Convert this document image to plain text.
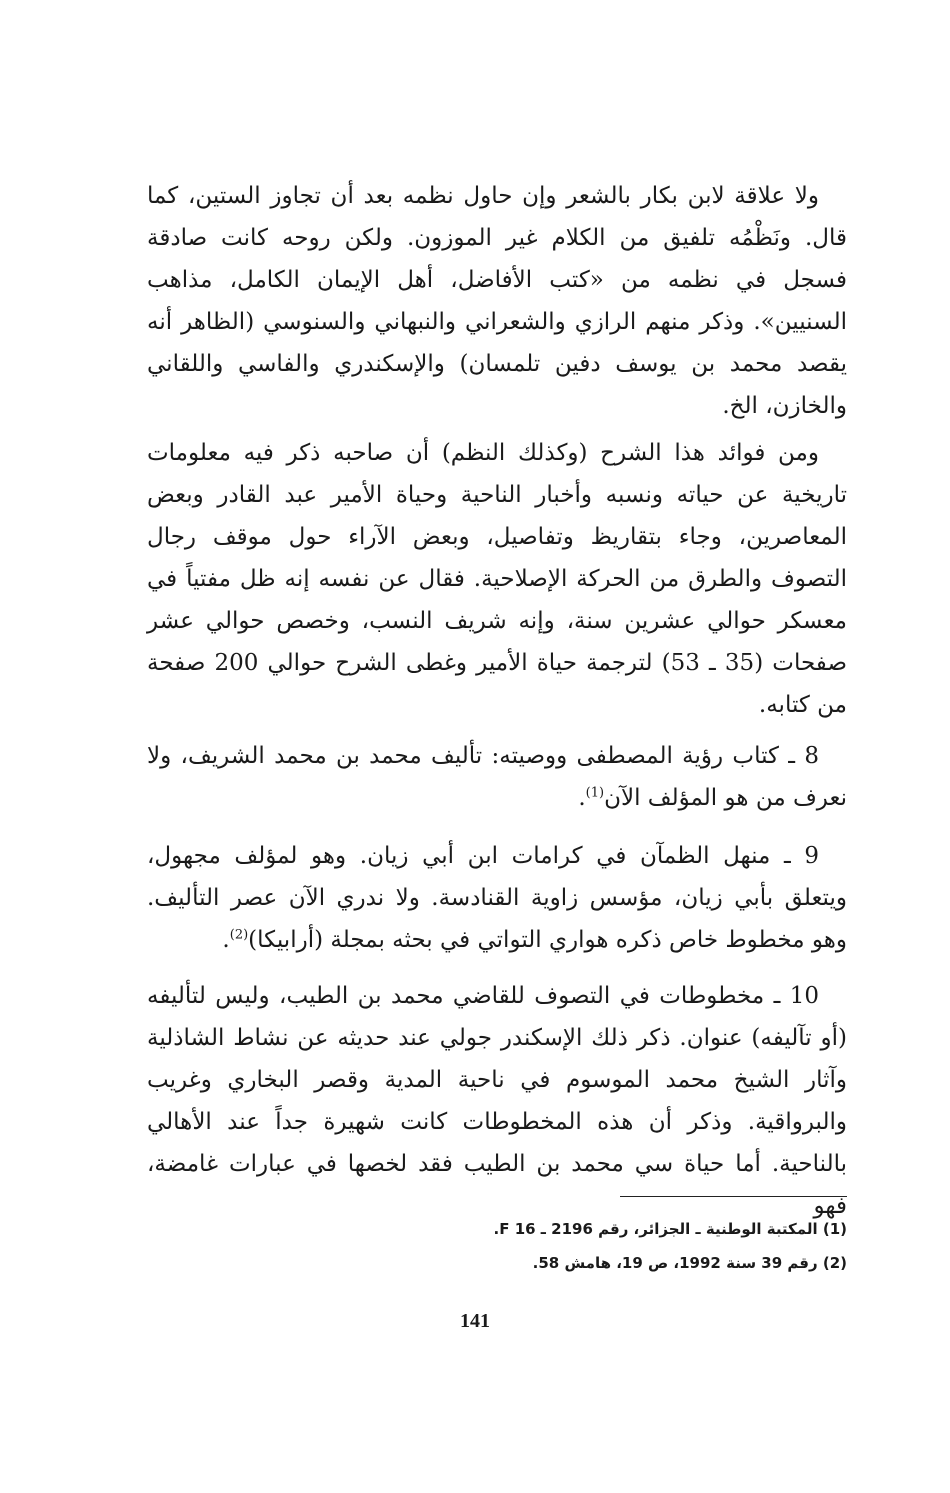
ولا علاقة لابن بكار بالشعر وإن حاول نظمه بعد أن تجاوز الستين، كما قال. ونَظْمُه تلفيق من الكلام غير الموزون. ولكن روحه كانت صادقة فسجل في نظمه من «كتب الأفاضل، أهل الإيمان الكامل، مذاهب السنيين». وذكر منهم الرازي والشعراني والنبهاني والسنوسي (الظاهر أنه يقصد محمد بن يوسف دفين تلمسان) والإسكندري والفاسي واللقاني والخازن، الخ.

ومن فوائد هذا الشرح (وكذلك النظم) أن صاحبه ذكر فيه معلومات تاريخية عن حياته ونسبه وأخبار الناحية وحياة الأمير عبد القادر وبعض المعاصرين، وجاء بتقاريظ وتفاصيل، وبعض الآراء حول موقف رجال التصوف والطرق من الحركة الإصلاحية. فقال عن نفسه إنه ظل مفتياً في معسكر حوالي عشرين سنة، وإنه شريف النسب، وخصص حوالي عشر صفحات (35 ـ 53) لترجمة حياة الأمير وغطى الشرح حوالي 200 صفحة من كتابه.

8 ـ كتاب رؤية المصطفى ووصيته: تأليف محمد بن محمد الشريف، ولا نعرف من هو المؤلف الآن$^{(1)}$.

9 ـ منهل الظمآن في كرامات ابن أبي زيان. وهو لمؤلف مجهول، ويتعلق بأبي زيان، مؤسس زاوية القنادسة. ولا ندري الآن عصر التأليف. وهو مخطوط خاص ذكره هواري التواتي في بحثه بمجلة (أرابيكا)$^{(2)}$.

10 ـ مخطوطات في التصوف للقاضي محمد بن الطيب، وليس لتأليفه (أو تآليفه) عنوان. ذكر ذلك الإسكندر جولي عند حديثه عن نشاط الشاذلية وآثار الشيخ محمد الموسوم في ناحية المدية وقصر البخاري وغريب والبرواقية. وذكر أن هذه المخطوطات كانت شهيرة جداً عند الأهالي بالناحية. أما حياة سي محمد بن الطيب فقد لخصها في عبارات غامضة، فهو

(1) المكتبة الوطنية ـ الجزائر، رقم 2196 ـ 16 F.

(2) رقم 39 سنة 1992، ص 19، هامش 58.

141
